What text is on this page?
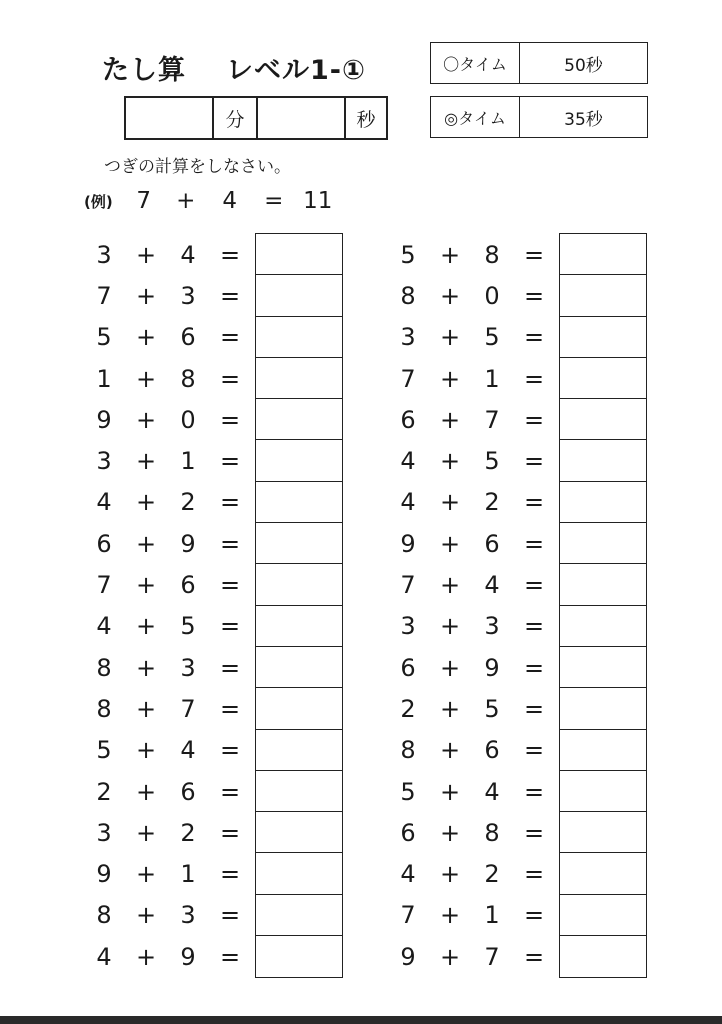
たし算 レベル1-①
分	秒
〇タイム	50秒
◎タイム	35秒
つぎの計算をしなさい。
(例) 7	+	4	= 11
3 + 4 =
7 + 3 =
5 + 6 =
1 + 8 =
9 + 0 =
3 + 1 =
4 + 2 =
6 + 9 =
7 + 6 =
4 + 5 =
8 + 3 =
8 + 7 =
5 + 4 =
2 + 6 =
3 + 2 =
9 + 1 =
8 + 3 =
4 + 9 =
5 + 8 =
8 + 0 =
3 + 5 =
7 + 1 =
6 + 7 =
4 + 5 =
4 + 2 =
9 + 6 =
7 + 4 =
3 + 3 =
6 + 9 =
2 + 5 =
8 + 6 =
5 + 4 =
6 + 8 =
4 + 2 =
7 + 1 =
9 + 7 =
